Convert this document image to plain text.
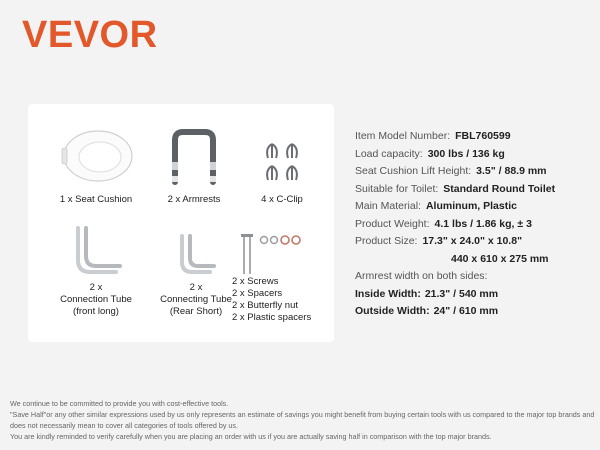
VEVOR
1 x Seat Cushion	2 x Armrests	4 x C-Clip
2 x
Connection Tube
(front long)
2 x
Connecting Tube
(Rear Short)
2 x Screws
2 x Spacers
2 x Butterfly nut
2 x Plastic spacers
Item Model Number: FBL760599
Load capacity: 300 lbs / 136 kg
Seat Cushion Lift Height: 3.5" / 88.9 mm
Suitable for Toilet: Standard Round Toilet
Main Material: Aluminum, Plastic
Product Weight: 4.1 lbs / 1.86 kg, ± 3
Product Size: 17.3" x 24.0" x 10.8"
440 x 610 x 275 mm
Armrest width on both sides:
Inside Width: 21.3" / 540 mm
Outside Width: 24" / 610 mm

We continue to be committed to provide you with cost-effective tools.

"Save Half"or any other similar expressions used by us only represents an estimate of savings you might benefit from buying certain tools with us compared to the major top brands and does not necessarily mean to cover all categories of tools offered by us.

You are kindly reminded to verify carefully when you are placing an order with us if you are actually saving half in comparison with the top major brands.
